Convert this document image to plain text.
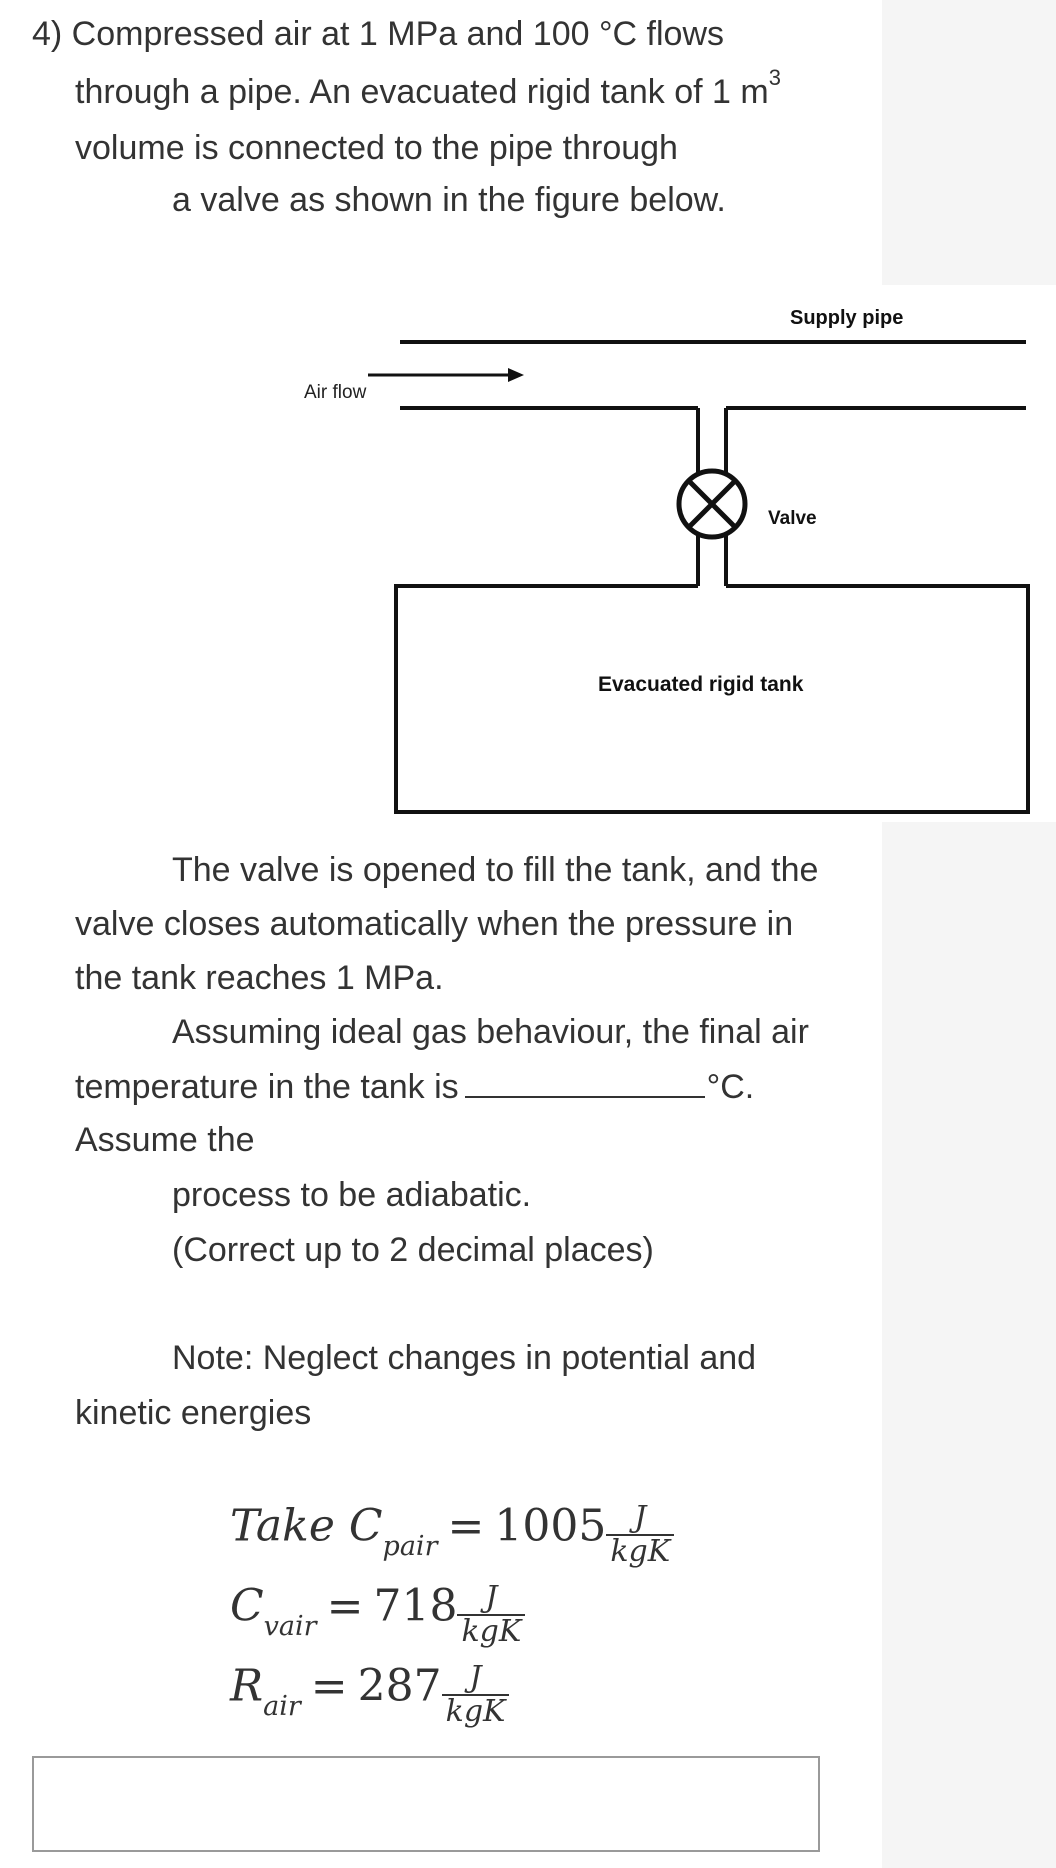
4) Compressed air at 1 MPa and 100 °C flows
through a pipe. An evacuated rigid tank of 1 $m^3$
volume is connected to the pipe through
a valve as shown in the figure below.
Supply pipe
Air flow
Valve
Evacuated rigid tank
The valve is opened to fill the tank, and the
valve closes automatically when the pressure in
the tank reaches 1 MPa.
Assuming ideal gas behaviour, the final air
temperature in the tank is	°C.
Assume the
process to be adiabatic.
(Correct up to 2 decimal places)
Note: Neglect changes in potential and
kinetic energies
Take $C_{pair} = 1005 \frac{J}{\text{kgK}}$
$C_{vair} = 718 \frac{J}{\text{kgK}}$
$R_{air} = 287 \frac{J}{\text{kgK}}$
